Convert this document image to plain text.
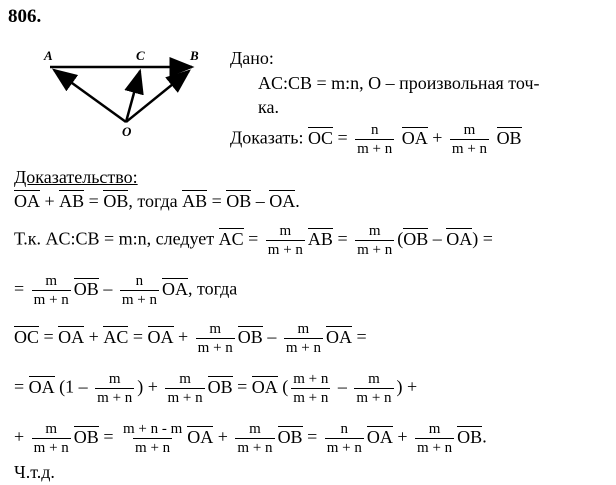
806.
A	C	B
O
Дано:
AC:CB = m:n, O – произвольная точ-
ка.
Доказать: OC = $\frac{n}{m + n}$ OA + $\frac{m}{m + n}$ OB
Доказательство:
OA + AB = OB, тогда AB = OB – OA.
Т.к. AC:CB = m:n, следует AC = $\frac{m}{m + n}$ AB = $\frac{m}{m + n} (OB - OA)$ =
= $\frac{m}{m + n}$ OB – $\frac{n}{m + n}$ OA, тогда
OC = OA + AC = OA + $\frac{m}{m + n}$ OB – $\frac{m}{m + n}$ OA =
= OA ($1 - \frac{m}{m + n}$ ) + $\frac{m}{m + n}$ OB = OA ( $\frac{m + n}{m + n} - \frac{m}{m + n}$ ) +
+ $\frac{m}{m + n}$ OB = $\frac{m + n - m}{m + n}$ OA + $\frac{m}{m + n}$ OB = $\frac{n}{m + n}$ OA + $\frac{m}{m + n}$ OB.
Ч.т.д.
